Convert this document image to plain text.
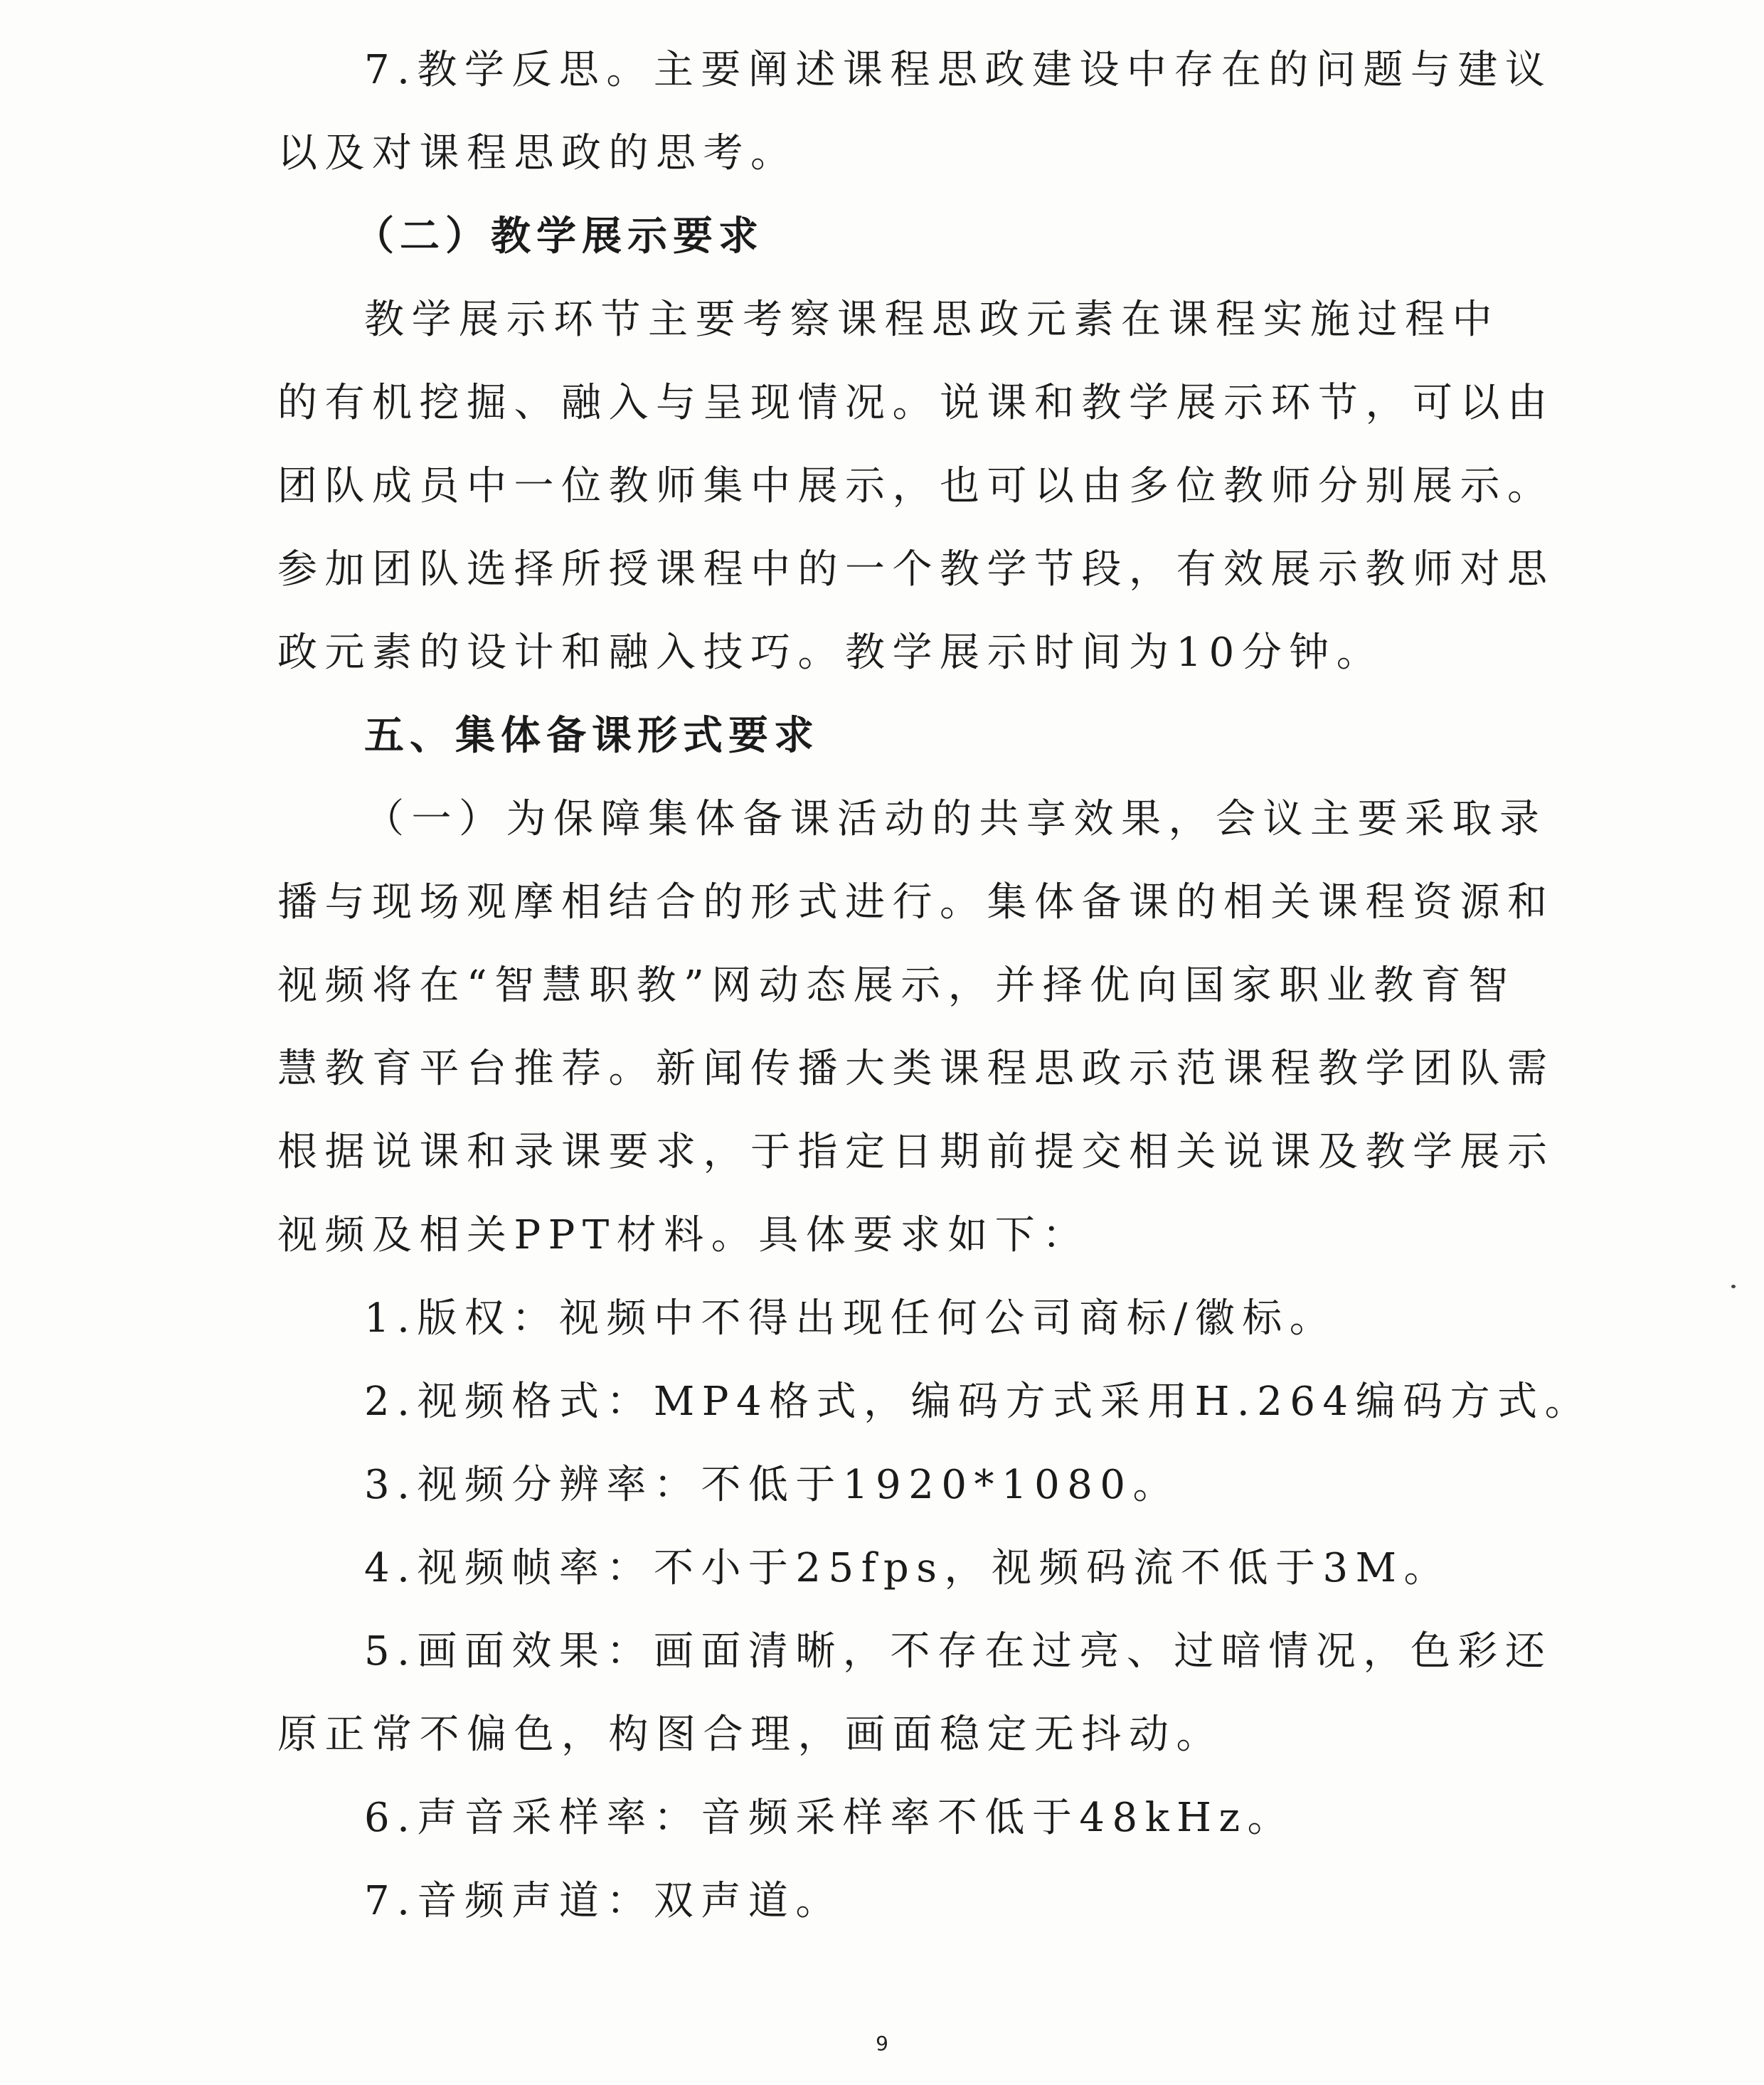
7.教学反思。主要阐述课程思政建设中存在的问题与建议
以及对课程思政的思考。
（二）教学展示要求
教学展示环节主要考察课程思政元素在课程实施过程中
的有机挖掘、融入与呈现情况。说课和教学展示环节，可以由
团队成员中一位教师集中展示，也可以由多位教师分别展示。
参加团队选择所授课程中的一个教学节段，有效展示教师对思
政元素的设计和融入技巧。教学展示时间为10分钟。
五、集体备课形式要求
（一）为保障集体备课活动的共享效果，会议主要采取录
播与现场观摩相结合的形式进行。集体备课的相关课程资源和
视频将在“智慧职教”网动态展示，并择优向国家职业教育智
慧教育平台推荐。新闻传播大类课程思政示范课程教学团队需
根据说课和录课要求，于指定日期前提交相关说课及教学展示
视频及相关PPT材料。具体要求如下：
1.版权：视频中不得出现任何公司商标/徽标。
2.视频格式：MP4格式，编码方式采用H.264编码方式。
3.视频分辨率：不低于1920*1080。
4.视频帧率：不小于25fps，视频码流不低于3M。
5.画面效果：画面清晰，不存在过亮、过暗情况，色彩还
原正常不偏色，构图合理，画面稳定无抖动。
6.声音采样率：音频采样率不低于48kHz。
7.音频声道：双声道。
9
